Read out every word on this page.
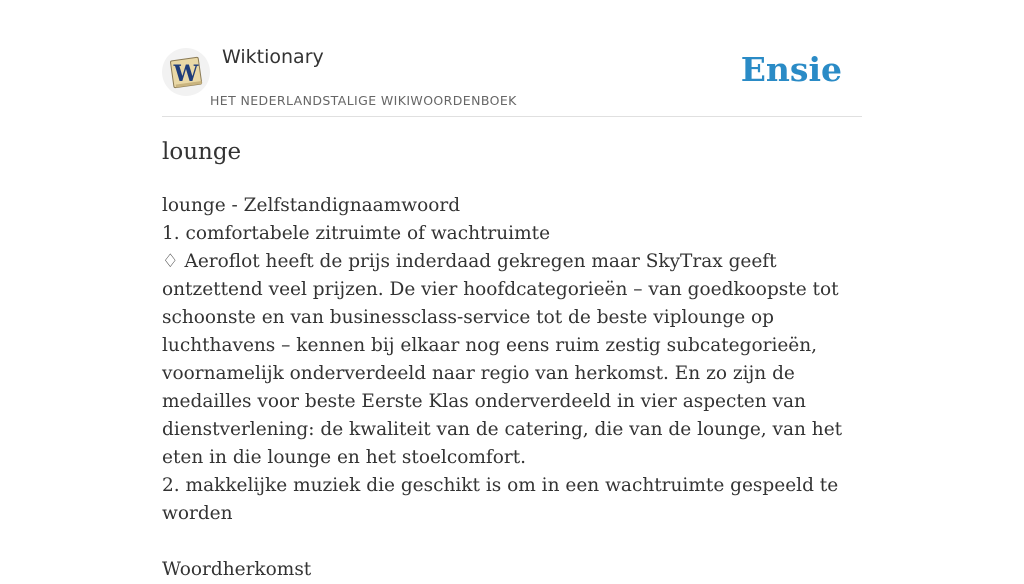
W
Wiktionary
HET NEDERLANDSTALIGE WIKIWOORDENBOEK
Ensie
lounge

lounge - Zelfstandignaamwoord

1. comfortabele zitruimte of wachtruimte

♢ Aeroflot heeft de prijs inderdaad gekregen maar SkyTrax geeft ontzettend veel prijzen. De vier hoofdcategorieën – van goedkoopste tot schoonste en van businessclass-service tot de beste viplounge op luchthavens – kennen bij elkaar nog eens ruim zestig subcategorieën, voornamelijk onderverdeeld naar regio van herkomst. En zo zijn de medailles voor beste Eerste Klas onderverdeeld in vier aspecten van dienstverlening: de kwaliteit van de catering, die van de lounge, van het eten in die lounge en het stoelcomfort.

2. makkelijke muziek die geschikt is om in een wachtruimte gespeeld te worden

Woordherkomst
